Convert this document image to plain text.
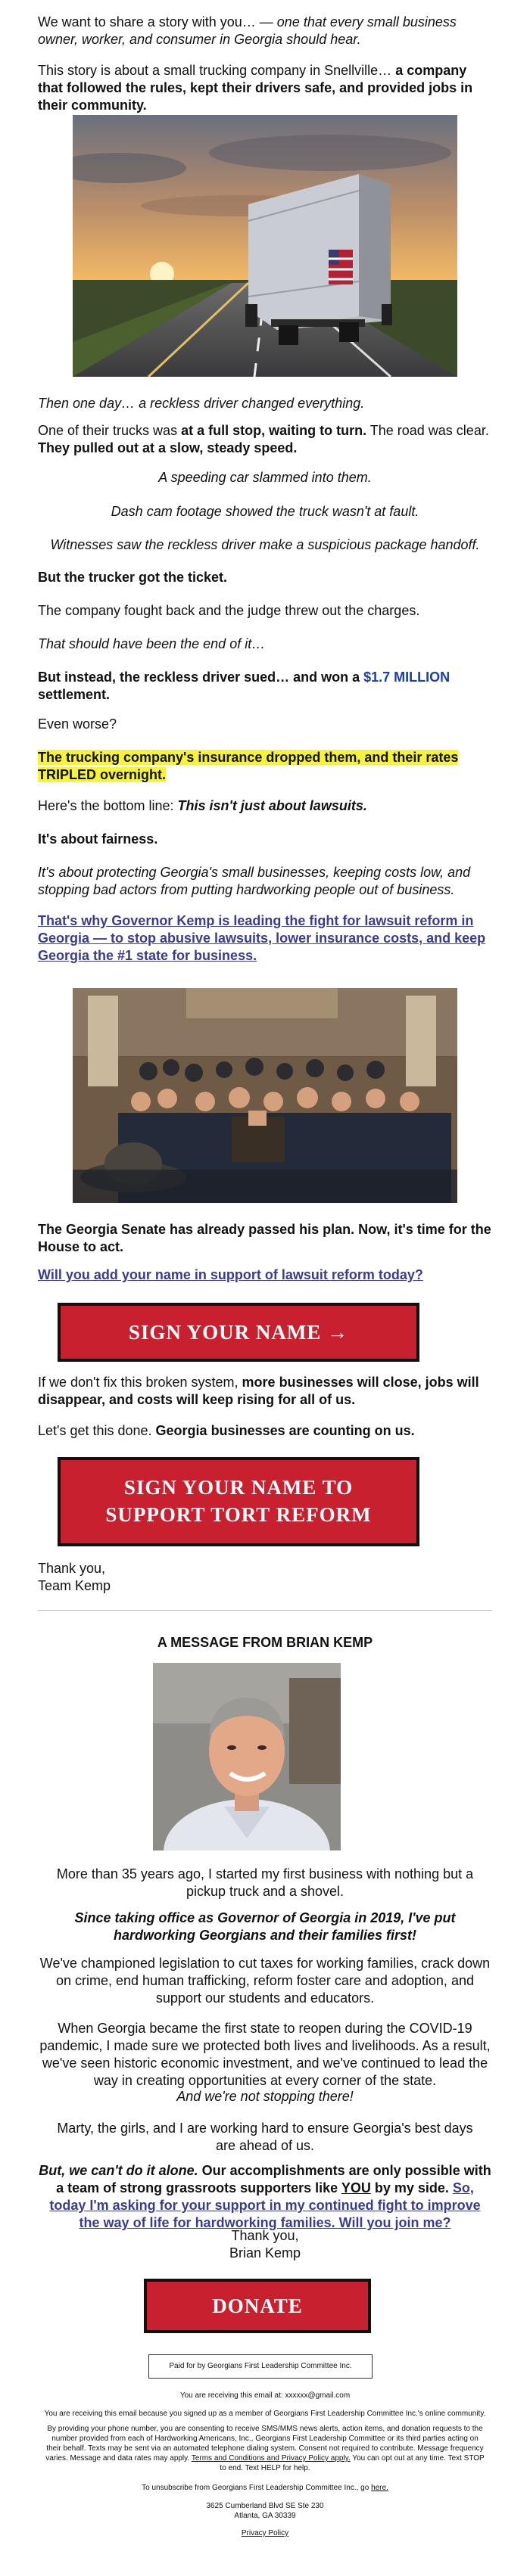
We want to share a story with you… — one that every small business owner, worker, and consumer in Georgia should hear.

This story is about a small trucking company in Snellville… a company that followed the rules, kept their drivers safe, and provided jobs in their community.

Then one day… a reckless driver changed everything.

One of their trucks was at a full stop, waiting to turn. The road was clear. They pulled out at a slow, steady speed.

A speeding car slammed into them.

Dash cam footage showed the truck wasn't at fault.

Witnesses saw the reckless driver make a suspicious package handoff.

But the trucker got the ticket.

The company fought back and the judge threw out the charges.

That should have been the end of it…

But instead, the reckless driver sued… and won a $1.7 MILLION settlement.

Even worse?

The trucking company's insurance dropped them, and their rates TRIPLED overnight.

Here's the bottom line: This isn't just about lawsuits.

It's about fairness.

It's about protecting Georgia's small businesses, keeping costs low, and stopping bad actors from putting hardworking people out of business.

That's why Governor Kemp is leading the fight for lawsuit reform in Georgia — to stop abusive lawsuits, lower insurance costs, and keep Georgia the #1 state for business.

The Georgia Senate has already passed his plan. Now, it's time for the House to act.

Will you add your name in support of lawsuit reform today?

SIGN YOUR NAME →

If we don't fix this broken system, more businesses will close, jobs will disappear, and costs will keep rising for all of us.

Let's get this done. Georgia businesses are counting on us.

SIGN YOUR NAME TO SUPPORT TORT REFORM

Thank you,

Team Kemp

A MESSAGE FROM BRIAN KEMP

More than 35 years ago, I started my first business with nothing but a pickup truck and a shovel.

Since taking office as Governor of Georgia in 2019, I've put hardworking Georgians and their families first!

We've championed legislation to cut taxes for working families, crack down on crime, end human trafficking, reform foster care and adoption, and support our students and educators.

When Georgia became the first state to reopen during the COVID-19 pandemic, I made sure we protected both lives and livelihoods. As a result, we've seen historic economic investment, and we've continued to lead the way in creating opportunities at every corner of the state.

And we're not stopping there!

Marty, the girls, and I are working hard to ensure Georgia's best days are ahead of us.

But, we can't do it alone. Our accomplishments are only possible with a team of strong grassroots supporters like YOU by my side. So, today I'm asking for your support in my continued fight to improve the way of life for hardworking families. Will you join me?

Thank you,

Brian Kemp

DONATE
Paid for by Georgians First Leadership Committee Inc.

You are receiving this email at: xxxxxx@gmail.com

You are receiving this email because you signed up as a member of Georgians First Leadership Committee Inc.'s online community.

By providing your phone number, you are consenting to receive SMS/MMS news alerts, action items, and donation requests to the number provided from each of Hardworking Americans, Inc., Georgians First Leadership Committee or its third parties acting on their behalf. Texts may be sent via an automated telephone dialing system. Consent not required to contribute. Message frequency varies. Message and data rates may apply. Terms and Conditions and Privacy Policy apply. You can opt out at any time. Text STOP to end. Text HELP for help.

To unsubscribe from Georgians First Leadership Committee Inc., go here.

3625 Cumberland Blvd SE Ste 230

Atlanta, GA 30339

Privacy Policy
